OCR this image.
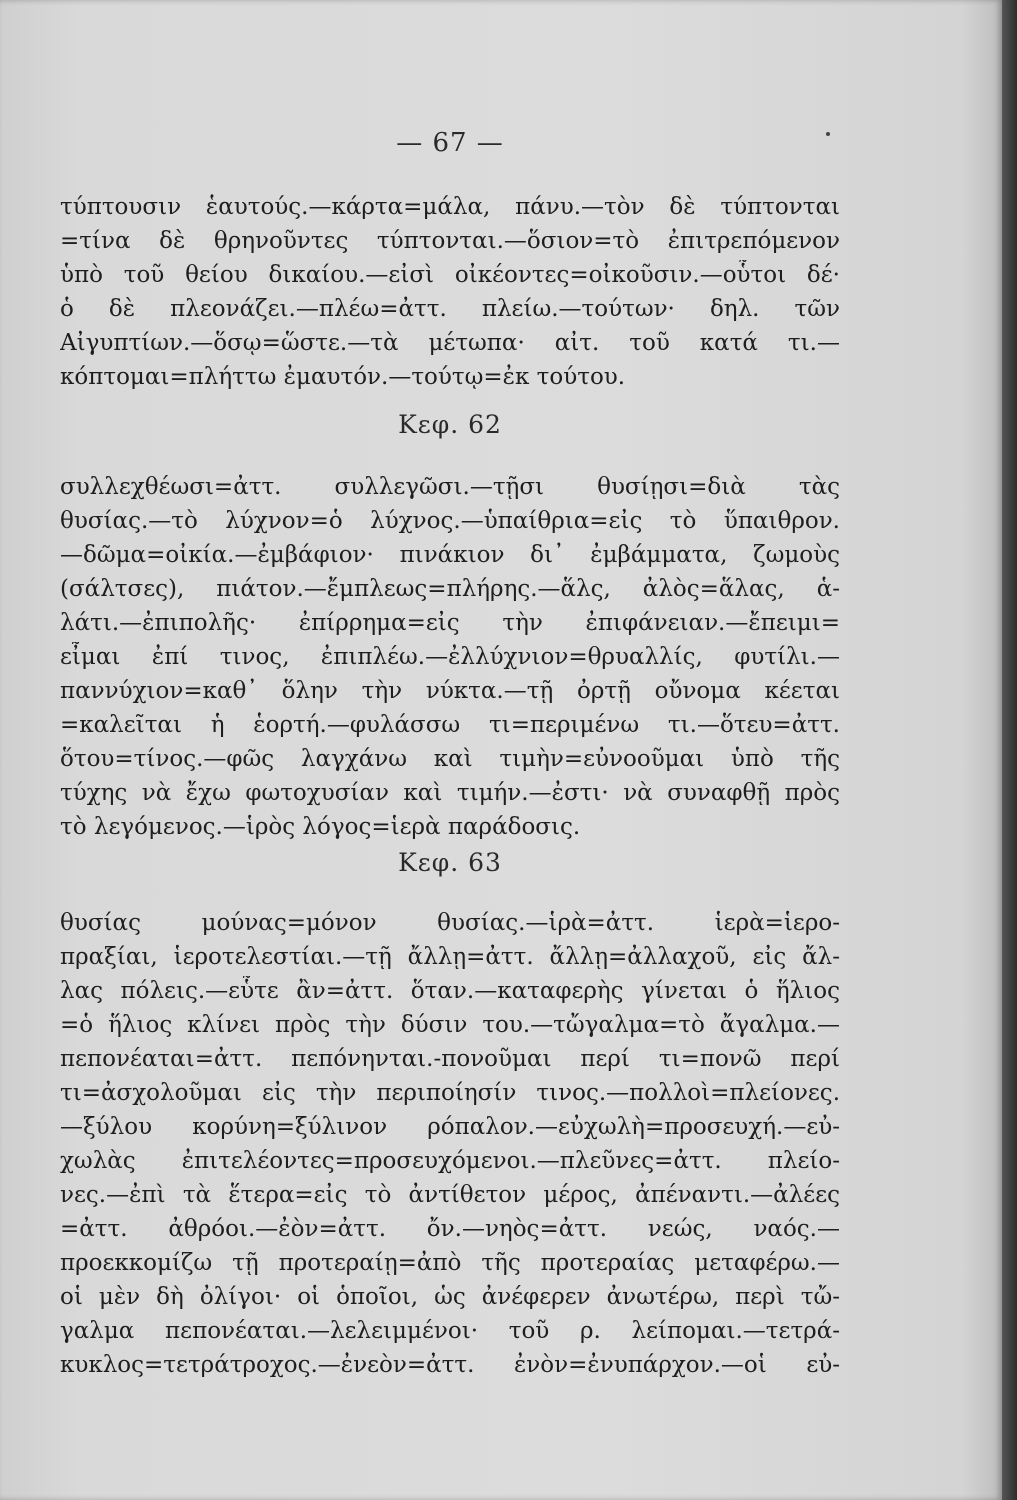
— 67 —
τύπτουσιν ἑαυτούς.—κάρτα=μάλα, πάνυ.—τὸν δὲ τύπτονται
=τίνα δὲ θρηνοῦντες τύπτονται.—ὅσιον=τὸ ἐπιτρεπόμενον
ὑπὸ τοῦ θείου δικαίου.—εἰσὶ οἰκέοντες=οἰκοῦσιν.—οὗτοι δέ·
ὁ δὲ πλεονάζει.—πλέω=ἀττ. πλείω.—τούτων· δηλ. τῶν
Αἰγυπτίων.—ὅσῳ=ὥστε.—τὰ μέτωπα· αἰτ. τοῦ κατά τι.—
κόπτομαι=πλήττω ἐμαυτόν.—τούτῳ=ἐκ τούτου.
Κεφ. 62
συλλεχθέωσι=ἀττ. συλλεγῶσι.—τῇσι θυσίῃσι=διὰ τὰς
θυσίας.—τὸ λύχνον=ὁ λύχνος.—ὑπαίθρια=εἰς τὸ ὕπαιθρον.
—δῶμα=οἰκία.—ἐμβάφιον· πινάκιον δι᾿ ἐμβάμματα, ζωμοὺς
(σάλτσες), πιάτον.—ἔμπλεως=πλήρης.—ἅλς, ἀλὸς=ἅλας, ἁ-
λάτι.—ἐπιπολῆς· ἐπίρρημα=εἰς τὴν ἐπιφάνειαν.—ἔπειμι=
εἶμαι ἐπί τινος, ἐπιπλέω.—ἐλλύχνιον=θρυαλλίς, φυτίλι.—
παννύχιον=καθ᾿ ὅλην τὴν νύκτα.—τῇ ὀρτῇ οὔνομα κέεται
=καλεῖται ἡ ἑορτή.—φυλάσσω τι=περιμένω τι.—ὅτευ=ἀττ.
ὅτου=τίνος.—φῶς λαγχάνω καὶ τιμὴν=εὐνοοῦμαι ὑπὸ τῆς
τύχης νὰ ἔχω φωτοχυσίαν καὶ τιμήν.—ἐστι· νὰ συναφθῇ πρὸς
τὸ λεγόμενος.—ἱρὸς λόγος=ἱερὰ παράδοσις.
Κεφ. 63
θυσίας μούνας=μόνον θυσίας.—ἱρὰ=ἀττ. ἱερὰ=ἱερο-
πραξίαι, ἱεροτελεστίαι.—τῇ ἄλλῃ=ἀττ. ἄλλῃ=ἀλλαχοῦ, εἰς ἄλ-
λας πόλεις.—εὗτε ἂν=ἀττ. ὅταν.—καταφερὴς γίνεται ὁ ἥλιος
=ὁ ἥλιος κλίνει πρὸς τὴν δύσιν του.—τὤγαλμα=τὸ ἄγαλμα.—
πεπονέαται=ἀττ. πεπόνηνται.-πονοῦμαι περί τι=πονῶ περί
τι=ἀσχολοῦμαι εἰς τὴν περιποίησίν τινος.—πολλοὶ=πλείονες.
—ξύλου κορύνη=ξύλινον ρόπαλον.—εὐχωλὴ=προσευχή.—εὐ-
χωλὰς ἐπιτελέοντες=προσευχόμενοι.—πλεῦνες=ἀττ. πλείο-
νες.—ἐπὶ τὰ ἕτερα=εἰς τὸ ἀντίθετον μέρος, ἀπέναντι.—ἀλέες
=ἀττ. ἀθρόοι.—ἐὸν=ἀττ. ὄν.—νηὸς=ἀττ. νεώς, ναός.—
προεκκομίζω τῇ προτεραίῃ=ἀπὸ τῆς προτεραίας μεταφέρω.—
οἱ μὲν δὴ ὀλίγοι· οἱ ὁποῖοι, ὡς ἀνέφερεν ἀνωτέρω, περὶ τὤ-
γαλμα πεπονέαται.—λελειμμένοι· τοῦ ρ. λείπομαι.—τετρά-
κυκλος=τετράτροχος.—ἐνεὸν=ἀττ. ἐνὸν=ἐνυπάρχον.—οἱ εὐ-
